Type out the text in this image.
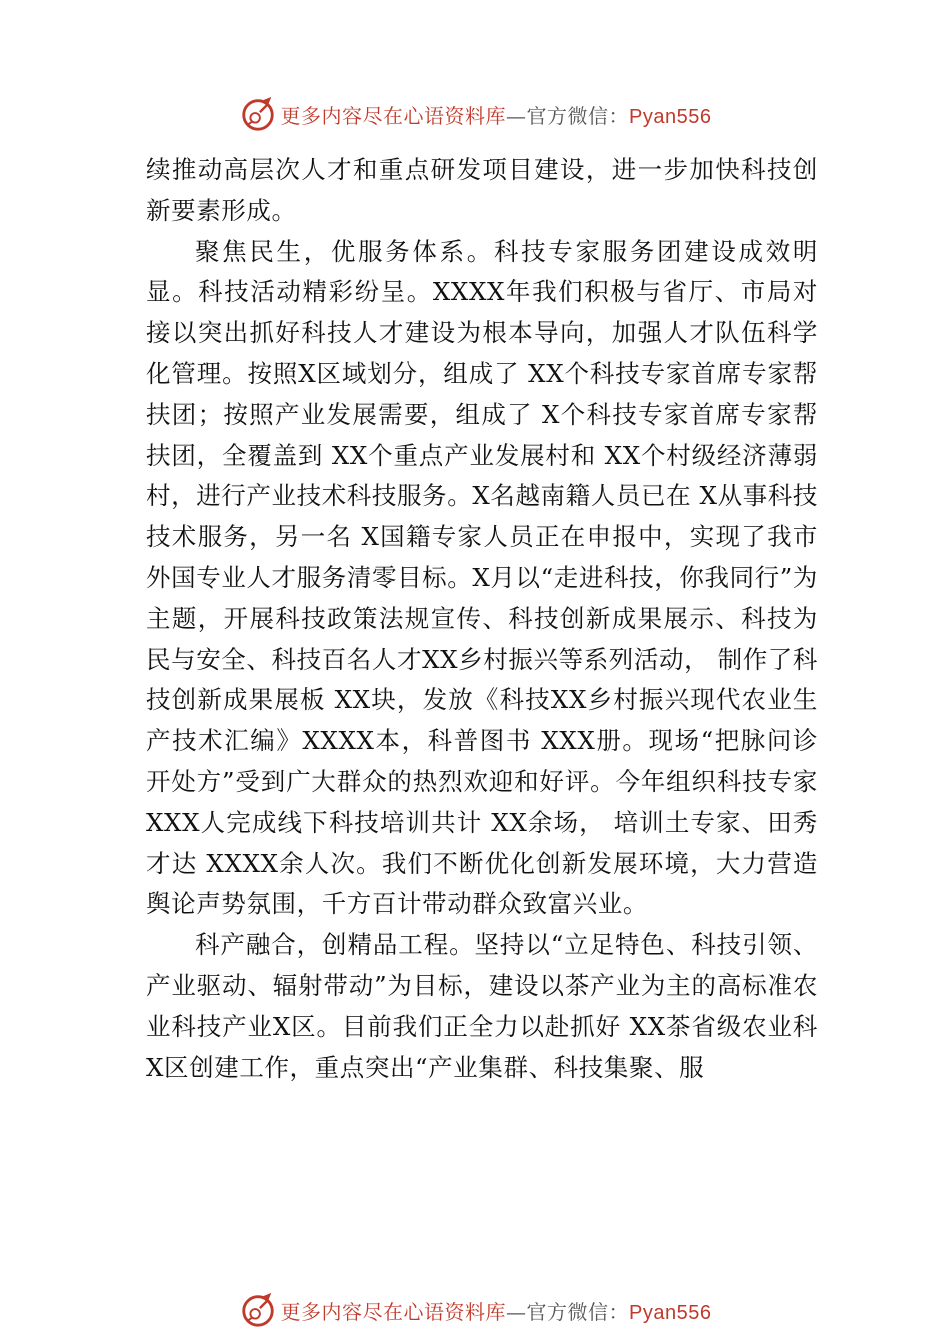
更多内容尽在心语资料库—官方微信：Pyan556

续推动高层次人才和重点研发项目建设，进一步加快科技创新要素形成。

聚焦民生，优服务体系。科技专家服务团建设成效明显。科技活动精彩纷呈。XXXX年我们积极与省厅、市局对接以突出抓好科技人才建设为根本导向，加强人才队伍科学化管理。按照X区域划分，组成了 XX个科技专家首席专家帮扶团；按照产业发展需要，组成了 X个科技专家首席专家帮扶团，全覆盖到 XX个重点产业发展村和 XX个村级经济薄弱村，进行产业技术科技服务。X名越南籍人员已在 X从事科技技术服务，另一名 X国籍专家人员正在申报中，实现了我市外国专业人才服务清零目标。X月以“走进科技，你我同行”为主题，开展科技政策法规宣传、科技创新成果展示、科技为民与安全、科技百名人才XX乡村振兴等系列活动， 制作了科技创新成果展板 XX块，发放《科技XX乡村振兴现代农业生产技术汇编》XXXX本，科普图书 XXX册。现场“把脉问诊开处方”受到广大群众的热烈欢迎和好评。今年组织科技专家 XXX人完成线下科技培训共计 XX余场， 培训土专家、田秀才达 XXXX余人次。我们不断优化创新发展环境，大力营造舆论声势氛围，千方百计带动群众致富兴业。

科产融合，创精品工程。坚持以“立足特色、科技引领、产业驱动、辐射带动”为目标，建设以茶产业为主的高标准农业科技产业X区。目前我们正全力以赴抓好 XX茶省级农业科X区创建工作，重点突出“产业集群、科技集聚、服

更多内容尽在心语资料库—官方微信：Pyan556
